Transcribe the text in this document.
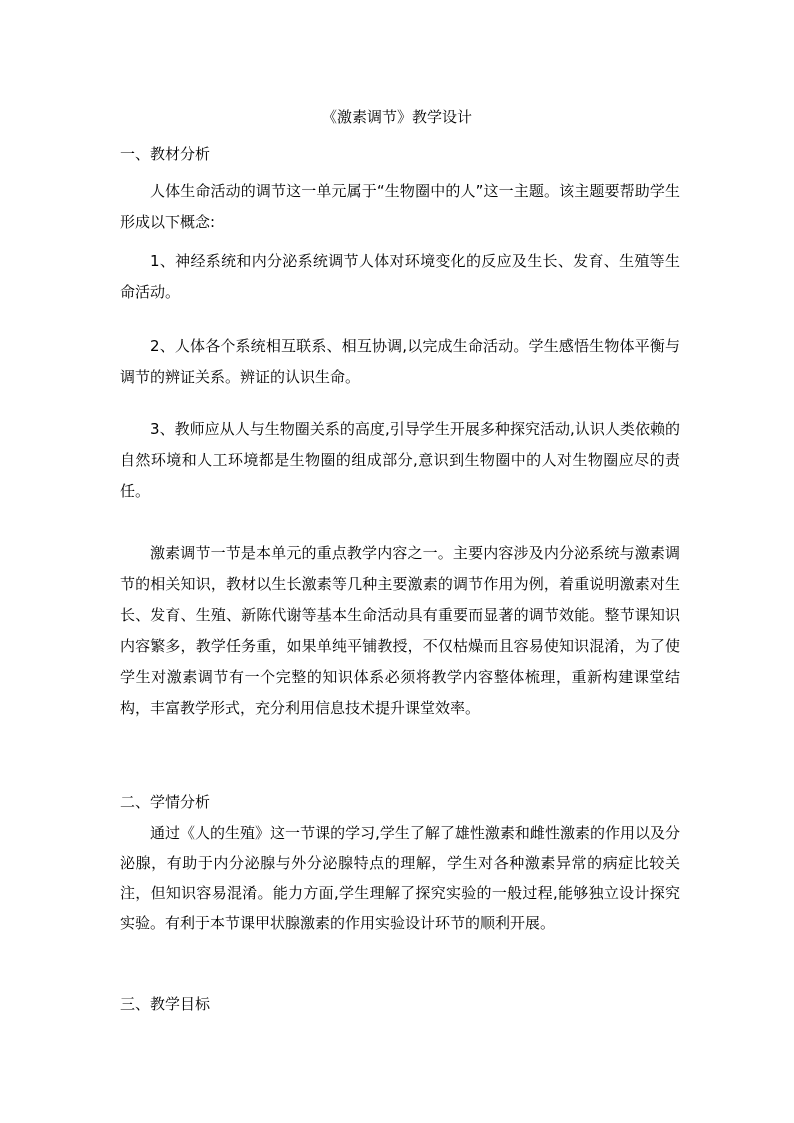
《激素调节》教学设计
一、教材分析
人体生命活动的调节这一单元属于“生物圈中的人”这一主题。该主题要帮助学生形成以下概念:
1、神经系统和内分泌系统调节人体对环境变化的反应及生长、发育、生殖等生命活动。
2、人体各个系统相互联系、相互协调,以完成生命活动。学生感悟生物体平衡与调节的辨证关系。辨证的认识生命。
3、教师应从人与生物圈关系的高度,引导学生开展多种探究活动,认识人类依赖的自然环境和人工环境都是生物圈的组成部分,意识到生物圈中的人对生物圈应尽的责任。
激素调节一节是本单元的重点教学内容之一。主要内容涉及内分泌系统与激素调节的相关知识，教材以生长激素等几种主要激素的调节作用为例，着重说明激素对生长、发育、生殖、新陈代谢等基本生命活动具有重要而显著的调节效能。整节课知识内容繁多，教学任务重，如果单纯平铺教授，不仅枯燥而且容易使知识混淆，为了使学生对激素调节有一个完整的知识体系必须将教学内容整体梳理，重新构建课堂结构，丰富教学形式，充分利用信息技术提升课堂效率。
二、学情分析
通过《人的生殖》这一节课的学习,学生了解了雄性激素和雌性激素的作用以及分泌腺，有助于内分泌腺与外分泌腺特点的理解，学生对各种激素异常的病症比较关注，但知识容易混淆。能力方面,学生理解了探究实验的一般过程,能够独立设计探究实验。有利于本节课甲状腺激素的作用实验设计环节的顺利开展。
三、教学目标
